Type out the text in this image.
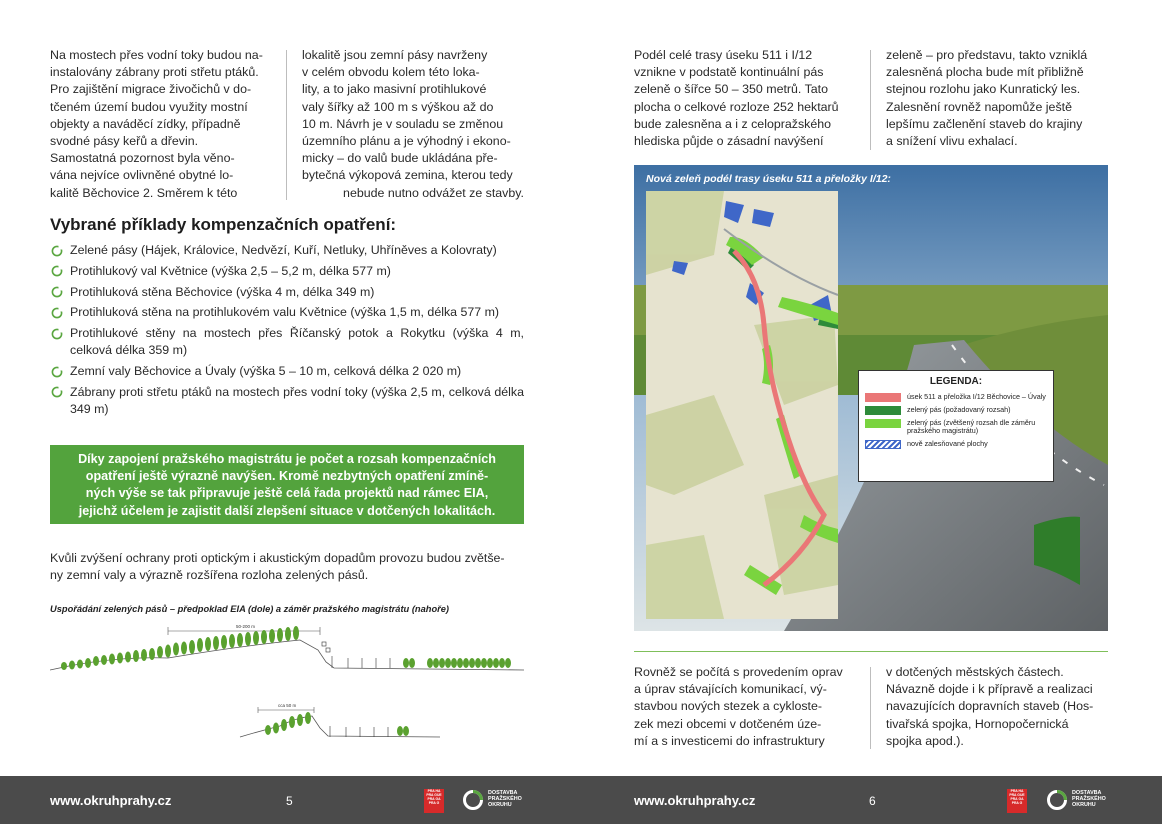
Na mostech přes vodní toky budou na-

instalovány zábrany proti střetu ptáků.

Pro zajištění migrace živočichů v do-

tčeném území budou využity mostní

objekty a naváděcí zídky, případně

svodné pásy keřů a dřevin.

Samostatná pozornost byla věno-

vána nejvíce ovlivněné obytné lo-

kalitě Běchovice 2. Směrem k této

lokalitě jsou zemní pásy navrženy

v celém obvodu kolem této loka-

lity, a to jako masivní protihlukové

valy šířky až 100 m s výškou až do

10 m. Návrh je v souladu se změnou

územního plánu a je výhodný i ekono-

micky – do valů bude ukládána pře-

bytečná výkopová zemina, kterou tedy

nebude nutno odvážet ze stavby.

Vybrané příklady kompenzačních opatření:
Zelené pásy (Hájek, Královice, Nedvězí, Kuří, Netluky, Uhříněves a Kolovraty)
Protihlukový val Květnice (výška 2,5 – 5,2 m, délka 577 m)
Protihluková stěna Běchovice (výška 4 m, délka 349 m)
Protihluková stěna na protihlukovém valu Květnice (výška 1,5 m, délka 577 m)
Protihlukové stěny na mostech přes Říčanský potok a Rokytku (výška 4 m, celková délka 359 m)
Zemní valy Běchovice a Úvaly (výška 5 – 10 m, celková délka 2 020 m)
Zábrany proti střetu ptáků na mostech přes vodní toky (výška 2,5 m, celková délka 349 m)
Díky zapojení pražského magistrátu je počet a rozsah kompenzačních
opatření ještě výrazně navýšen. Kromě nezbytných opatření zmíně-
ných výše se tak připravuje ještě celá řada projektů nad rámec EIA,
jejichž účelem je zajistit další zlepšení situace v dotčených lokalitách.

Kvůli zvýšení ochrany proti optickým i akustickým dopadům provozu budou zvětše-

ny zemní valy a výrazně rozšířena rozloha zelených pásů.

Uspořádání zelených pásů – předpoklad EIA (dole) a záměr pražského magistrátu (nahoře)
50-200 m
cca 50 m

Podél celé trasy úseku 511 i I/12

vznikne v podstatě kontinuální pás

zeleně o šířce 50 – 350 metrů. Tato

plocha o celkové rozloze 252 hektarů

bude zalesněna a i z celopražského

hlediska půjde o zásadní navýšení

zeleně – pro představu, takto vzniklá

zalesněná plocha bude mít přibližně

stejnou rozlohu jako Kunratický les.

Zalesnění rovněž napomůže ještě

lepšímu začlenění staveb do krajiny

a snížení vlivu exhalací.

Nová zeleň podél trasy úseku 511 a přeložky I/12:
LEGENDA:
úsek 511 a přeložka I/12 Běchovice – Úvaly
zelený pás (požadovaný rozsah)
zelený pás (zvětšený rozsah dle záměru pražského magistrátu)
nově zalesňované plochy

Rovněž se počítá s provedením oprav

a úprav stávajících komunikací, vý-

stavbou nových stezek a cykloste-

zek mezi obcemi v dotčeném úze-

mí a s investicemi do infrastruktury

v dotčených městských částech.

Návazně dojde i k přípravě a realizaci

navazujících dopravních staveb (Hos-

tivařská spojka, Hornopočernická

spojka apod.).

www.okruhprahy.cz	5
PRA HA
PRA GUE
PRA GA
PRA G
DOSTAVBA
PRAŽSKÉHO
OKRUHU	www.okruhprahy.cz	6
PRA HA
PRA GUE
PRA GA
PRA G
DOSTAVBA
PRAŽSKÉHO
OKRUHU
